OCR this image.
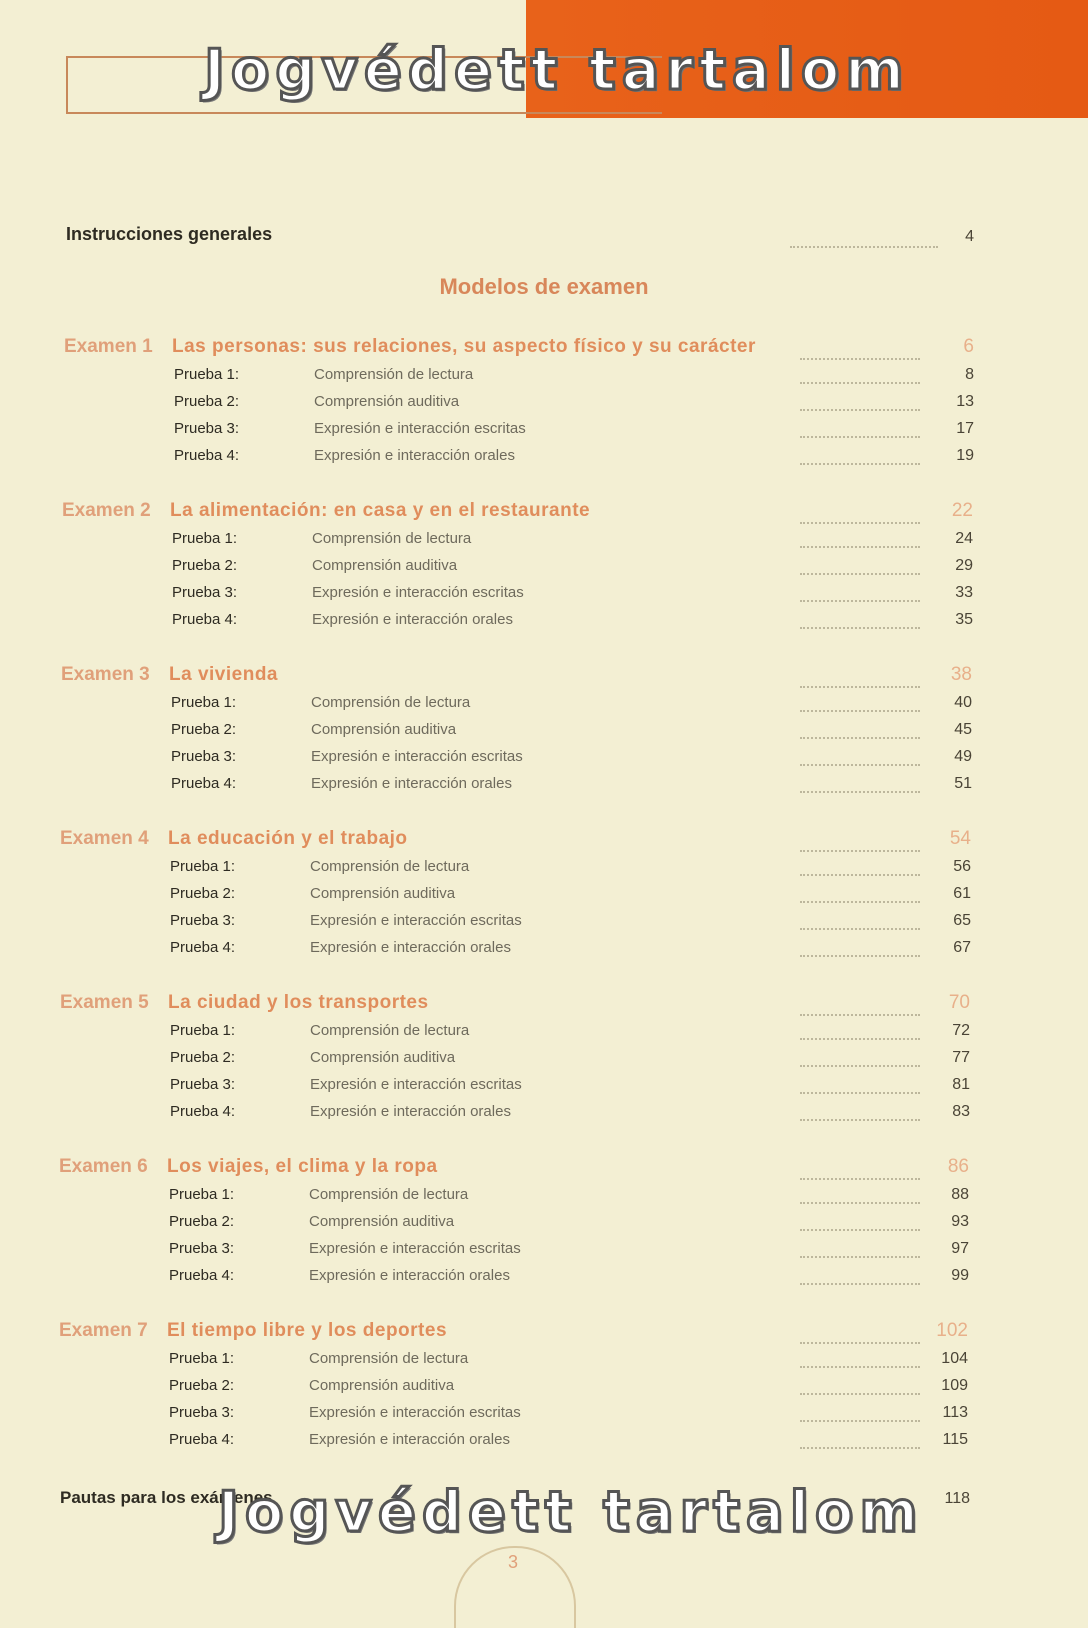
Jogvédett tartalom
Instrucciones generales	4
Modelos de examen
Examen 1 Las personas: sus relaciones, su aspecto físico y su carácter	6
Prueba 1:	Comprensión de lectura	8
Prueba 2:	Comprensión auditiva	13
Prueba 3:	Expresión e interacción escritas	17
Prueba 4:	Expresión e interacción orales	19
Examen 2 La alimentación: en casa y en el restaurante	22
Prueba 1:	Comprensión de lectura	24
Prueba 2:	Comprensión auditiva	29
Prueba 3:	Expresión e interacción escritas	33
Prueba 4:	Expresión e interacción orales	35
Examen 3 La vivienda	38
Prueba 1:	Comprensión de lectura	40
Prueba 2:	Comprensión auditiva	45
Prueba 3:	Expresión e interacción escritas	49
Prueba 4:	Expresión e interacción orales	51
Examen 4 La educación y el trabajo	54
Prueba 1:	Comprensión de lectura	56
Prueba 2:	Comprensión auditiva	61
Prueba 3:	Expresión e interacción escritas	65
Prueba 4:	Expresión e interacción orales	67
Examen 5 La ciudad y los transportes	70
Prueba 1:	Comprensión de lectura	72
Prueba 2:	Comprensión auditiva	77
Prueba 3:	Expresión e interacción escritas	81
Prueba 4:	Expresión e interacción orales	83
Examen 6 Los viajes, el clima y la ropa	86
Prueba 1:	Comprensión de lectura	88
Prueba 2:	Comprensión auditiva	93
Prueba 3:	Expresión e interacción escritas	97
Prueba 4:	Expresión e interacción orales	99
Examen 7 El tiempo libre y los deportes	102
Prueba 1:	Comprensión de lectura	104
Prueba 2:	Comprensión auditiva	109
Prueba 3:	Expresión e interacción escritas	113
Prueba 4:	Expresión e interacción orales	115
Pautas para los exámenes	118
Jogvédett tartalom
3
